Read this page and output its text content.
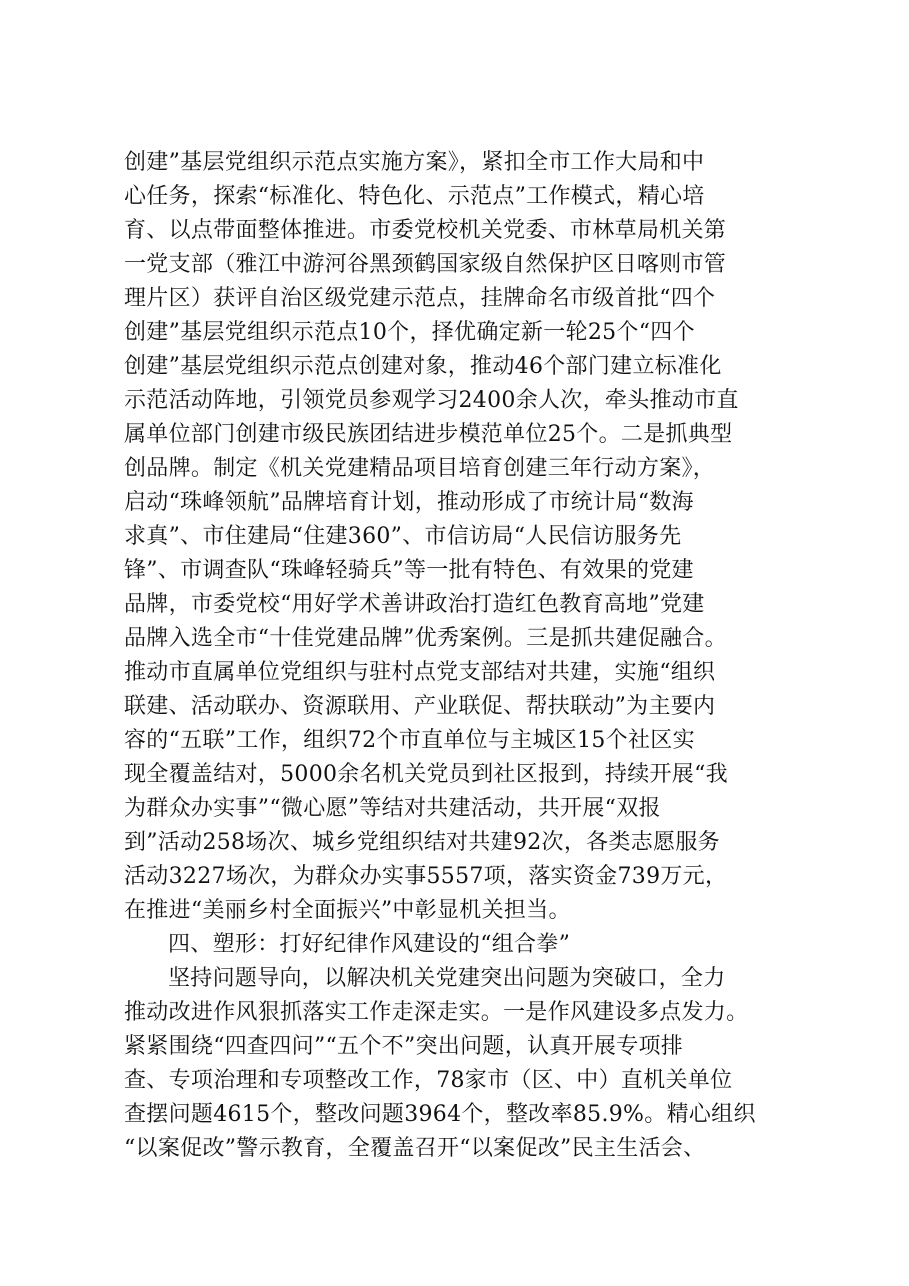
创建”基层党组织示范点实施方案》，紧扣全市工作大局和中
心任务，探索“标准化、特色化、示范点”工作模式，精心培
育、以点带面整体推进。市委党校机关党委、市林草局机关第
一党支部（雅江中游河谷黑颈鹤国家级自然保护区日喀则市管
理片区）获评自治区级党建示范点，挂牌命名市级首批“四个
创建”基层党组织示范点10个，择优确定新一轮25个“四个
创建”基层党组织示范点创建对象，推动46个部门建立标准化
示范活动阵地，引领党员参观学习2400余人次，牵头推动市直
属单位部门创建市级民族团结进步模范单位25个。二是抓典型
创品牌。制定《机关党建精品项目培育创建三年行动方案》，
启动“珠峰领航”品牌培育计划，推动形成了市统计局“数海
求真”、市住建局“住建360”、市信访局“人民信访服务先
锋”、市调查队“珠峰轻骑兵”等一批有特色、有效果的党建
品牌，市委党校“用好学术善讲政治打造红色教育高地”党建
品牌入选全市“十佳党建品牌”优秀案例。三是抓共建促融合。
推动市直属单位党组织与驻村点党支部结对共建，实施“组织
联建、活动联办、资源联用、产业联促、帮扶联动”为主要内
容的“五联”工作，组织72个市直单位与主城区15个社区实
现全覆盖结对，5000余名机关党员到社区报到，持续开展“我
为群众办实事”“微心愿”等结对共建活动，共开展“双报
到”活动258场次、城乡党组织结对共建92次，各类志愿服务
活动3227场次，为群众办实事5557项，落实资金739万元，
在推进“美丽乡村全面振兴”中彰显机关担当。
四、塑形：打好纪律作风建设的“组合拳”
坚持问题导向，以解决机关党建突出问题为突破口，全力
推动改进作风狠抓落实工作走深走实。一是作风建设多点发力。
紧紧围绕“四查四问”“五个不”突出问题，认真开展专项排
查、专项治理和专项整改工作，78家市（区、中）直机关单位
查摆问题4615个，整改问题3964个，整改率85.9%。精心组织
“以案促改”警示教育，全覆盖召开“以案促改”民主生活会、
